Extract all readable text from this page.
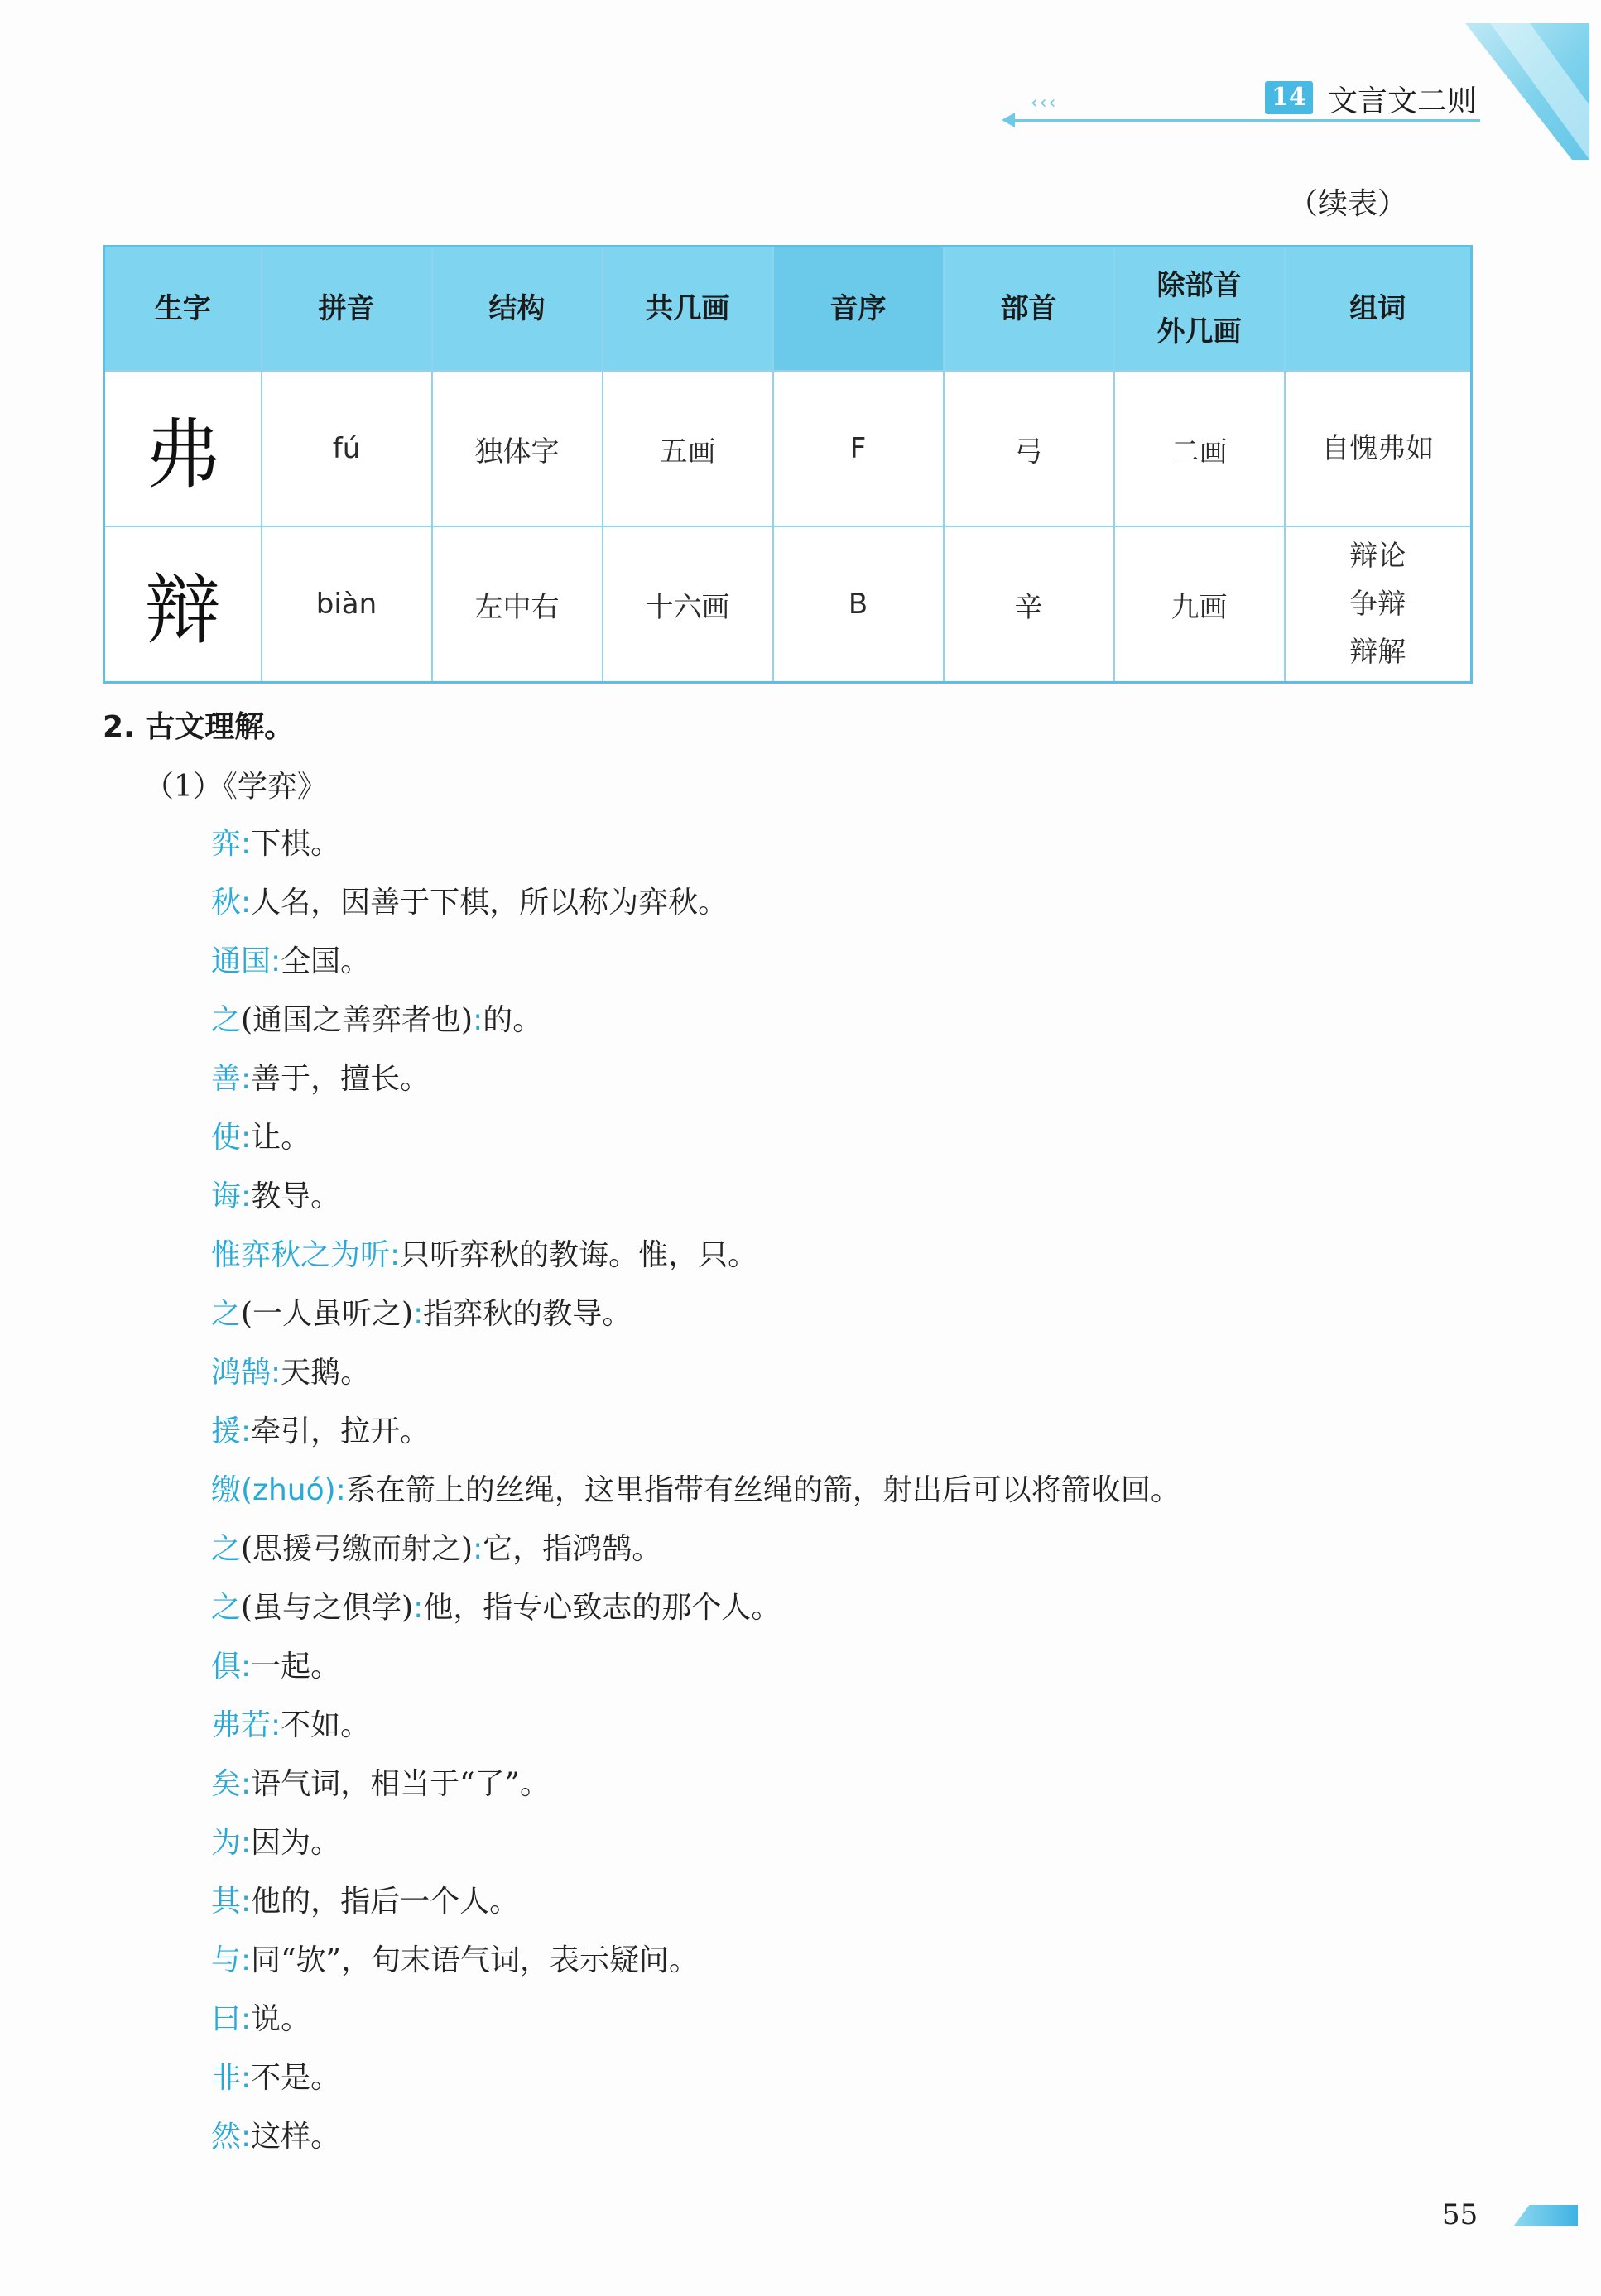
‹‹‹	14 文言文二则
（续表）
生字	拼音	结构	共几画	音序	部首	除部首外几画	组词
弗	fú	独体字	五画	F	弓	二画	自愧弗如

辩	biàn	左中右	十六画	B	辛	九画	辩论
争辩
辩解
2. 古文理解。
（1）《学弈》
弈:下棋。
秋:人名，因善于下棋，所以称为弈秋。
通国:全国。
之(通国之善弈者也):的。
善:善于，擅长。
使:让。
诲:教导。
惟弈秋之为听:只听弈秋的教诲。惟，只。
之(一人虽听之):指弈秋的教导。
鸿鹄:天鹅。
援:牵引，拉开。
缴(zhuó):系在箭上的丝绳，这里指带有丝绳的箭，射出后可以将箭收回。
之(思援弓缴而射之):它，指鸿鹄。
之(虽与之俱学):他，指专心致志的那个人。
俱:一起。
弗若:不如。
矣:语气词，相当于“了”。
为:因为。
其:他的，指后一个人。
与:同“欤”，句末语气词，表示疑问。
曰:说。
非:不是。
然:这样。
55
